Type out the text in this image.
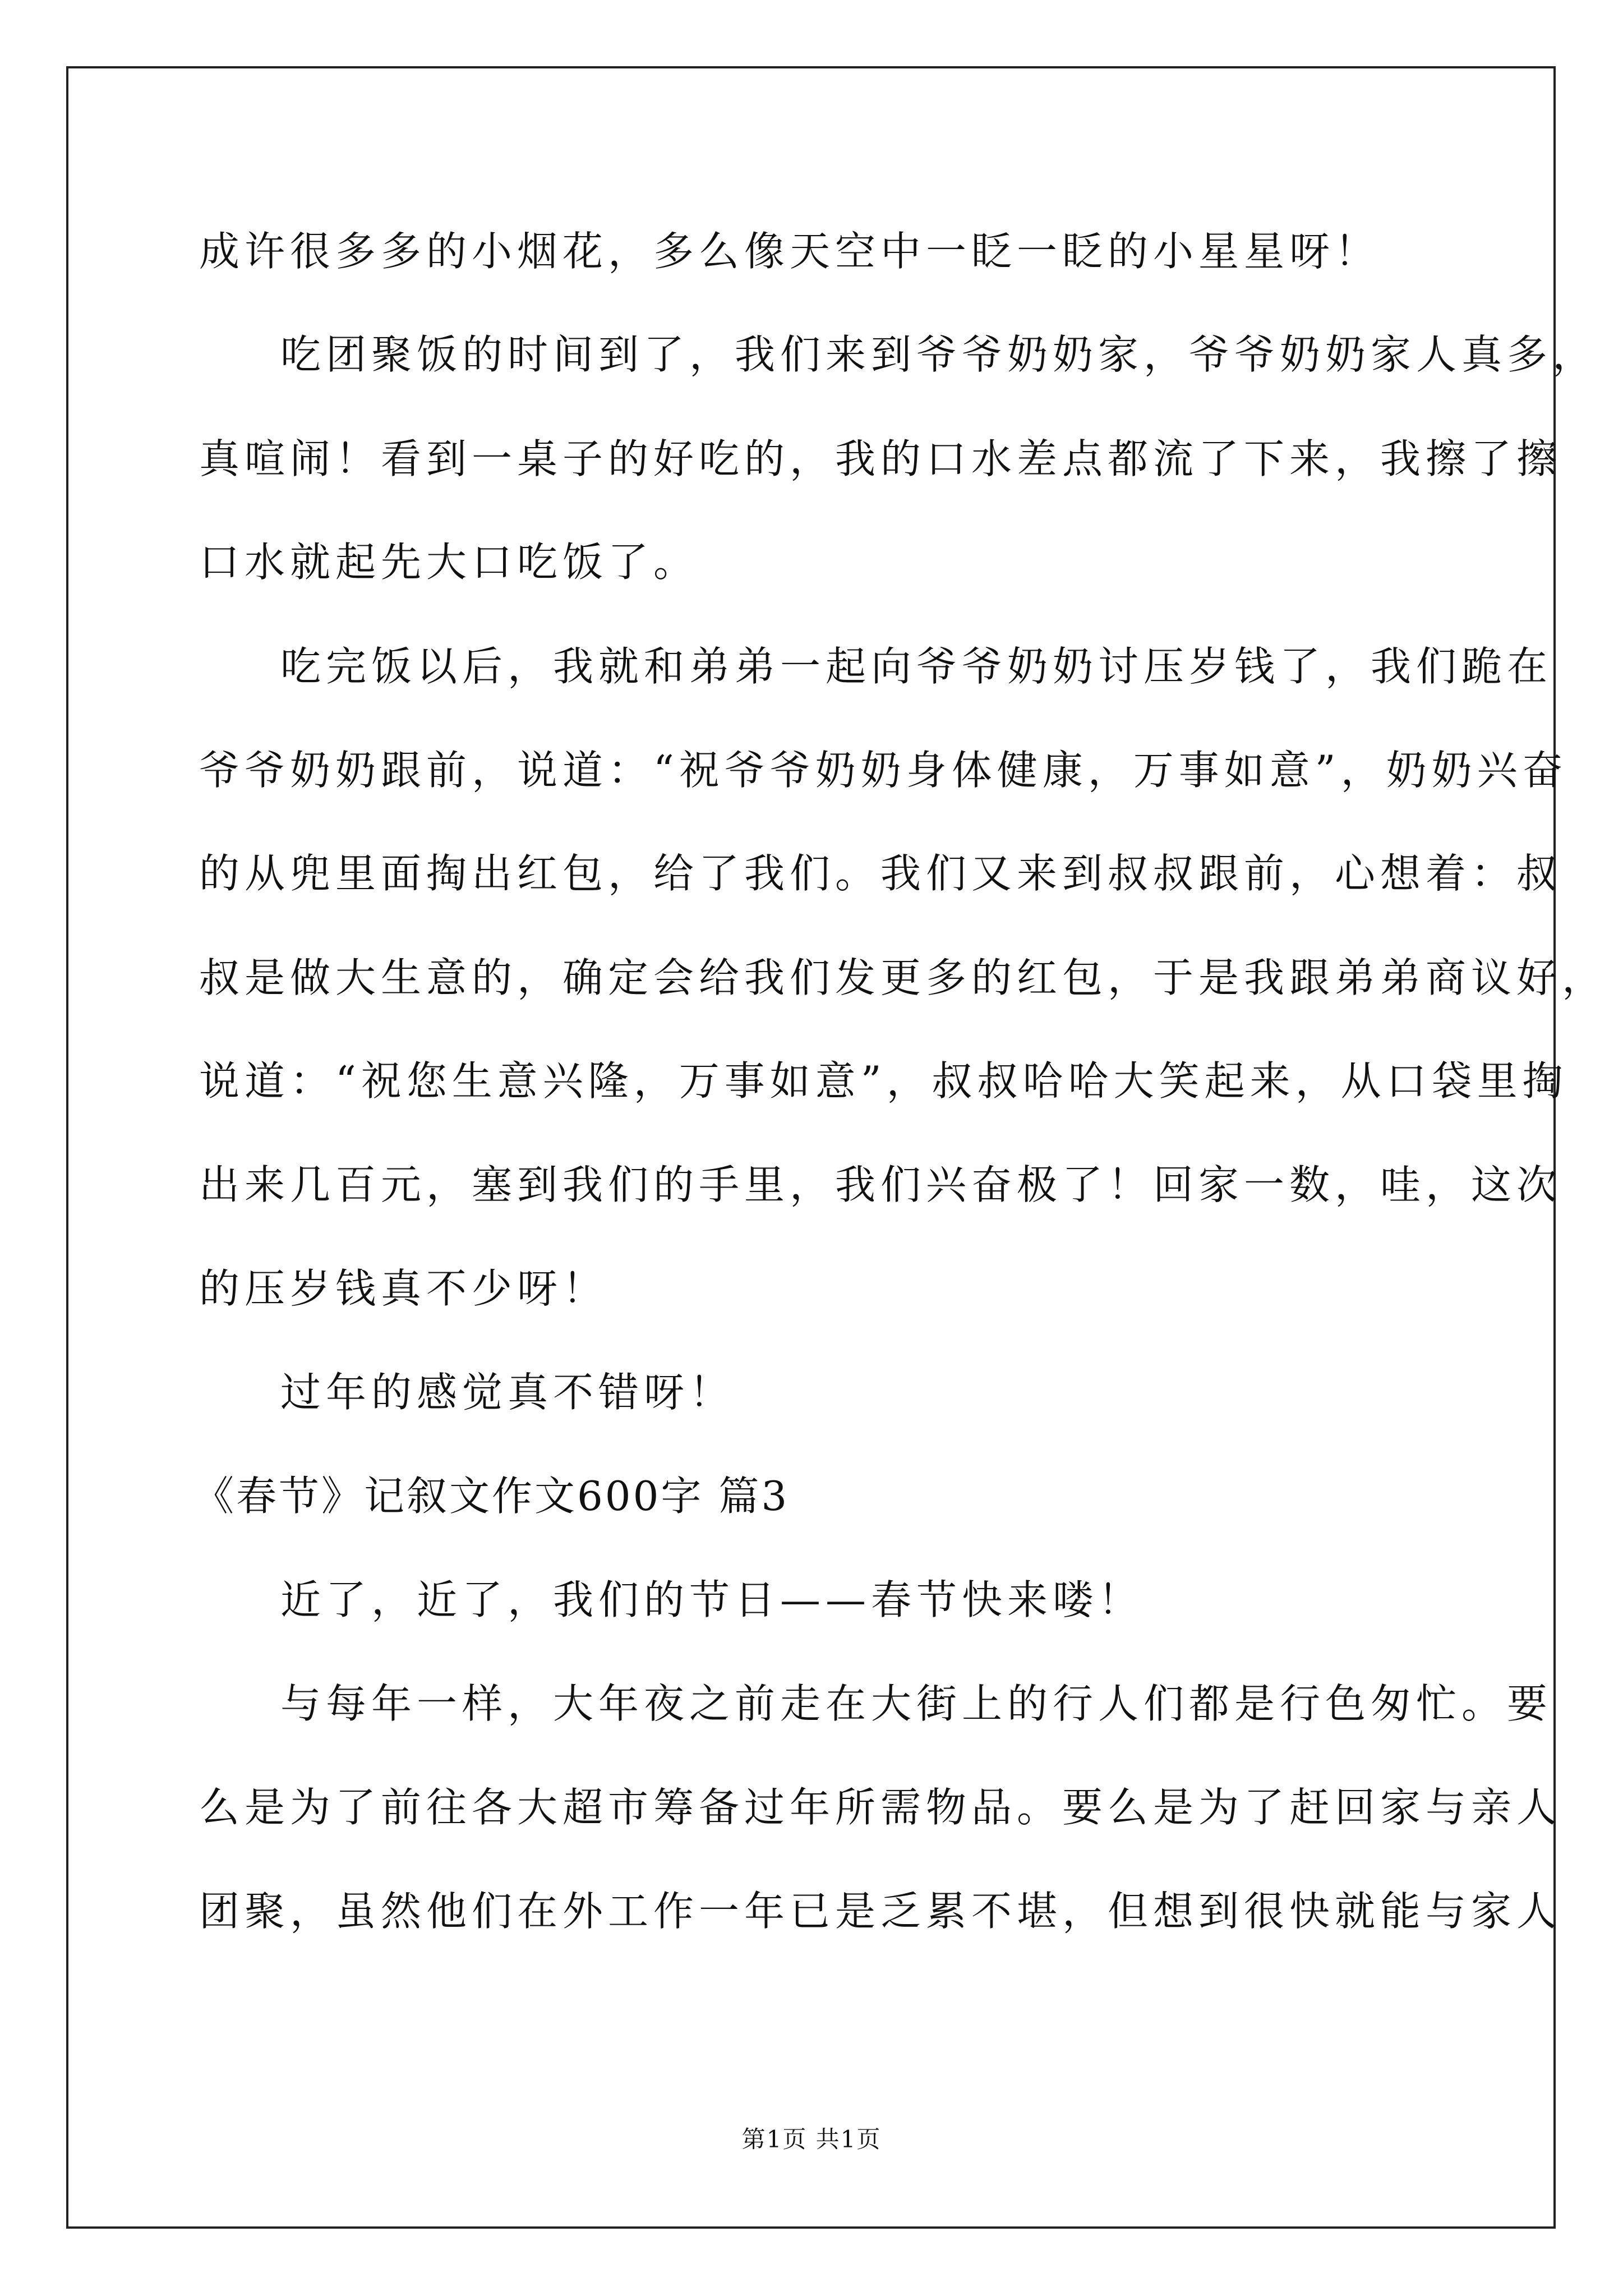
成许很多多的小烟花，多么像天空中一眨一眨的小星星呀！
吃团聚饭的时间到了，我们来到爷爷奶奶家，爷爷奶奶家人真多，
真喧闹！看到一桌子的好吃的，我的口水差点都流了下来，我擦了擦
口水就起先大口吃饭了。
吃完饭以后，我就和弟弟一起向爷爷奶奶讨压岁钱了，我们跪在
爷爷奶奶跟前，说道：“祝爷爷奶奶身体健康，万事如意”，奶奶兴奋
的从兜里面掏出红包，给了我们。我们又来到叔叔跟前，心想着：叔
叔是做大生意的，确定会给我们发更多的红包，于是我跟弟弟商议好，
说道：“祝您生意兴隆，万事如意”，叔叔哈哈大笑起来，从口袋里掏
出来几百元，塞到我们的手里，我们兴奋极了！回家一数，哇，这次
的压岁钱真不少呀！
过年的感觉真不错呀！
《春节》记叙文作文600字 篇3
近了，近了，我们的节日——春节快来喽！
与每年一样，大年夜之前走在大街上的行人们都是行色匆忙。要
么是为了前往各大超市筹备过年所需物品。要么是为了赶回家与亲人
团聚，虽然他们在外工作一年已是乏累不堪，但想到很快就能与家人
第1页 共1页
